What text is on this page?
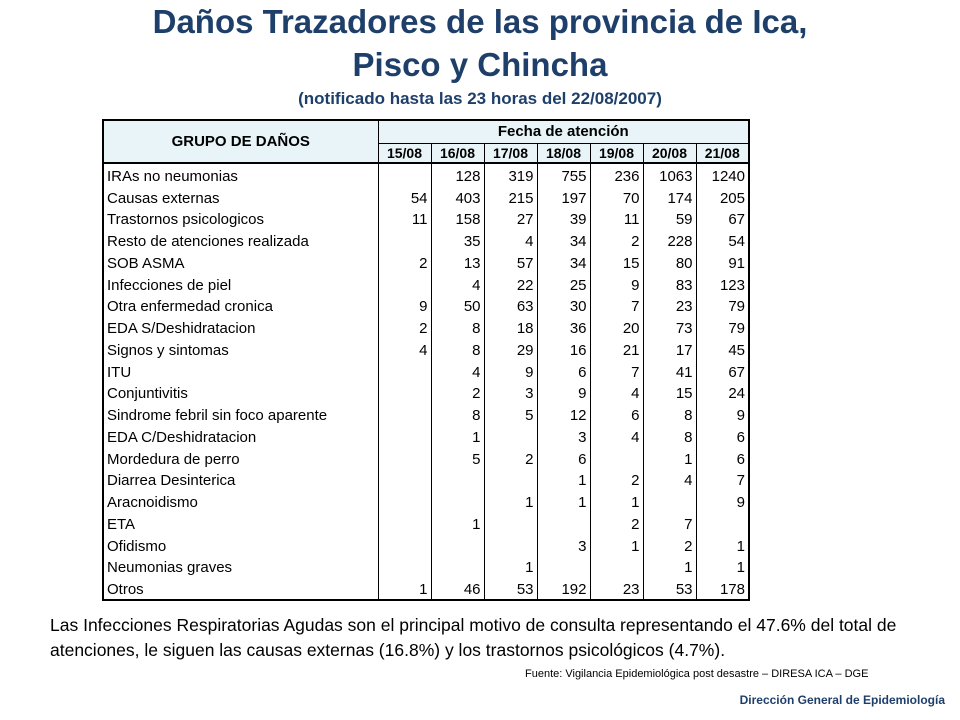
Daños Trazadores de las provincia de Ica,
Pisco y Chincha
(notificado hasta las 23 horas del 22/08/2007)
GRUPO DE DAÑOS	Fecha de atención						
	15/08	16/08	17/08	18/08	19/08	20/08	21/08
IRAs no neumonias		128	319	755	236	1063	1240
Causas externas	54	403	215	197	70	174	205
Trastornos psicologicos	11	158	27	39	11	59	67
Resto de atenciones realizada		35	4	34	2	228	54
SOB ASMA	2	13	57	34	15	80	91
Infecciones de piel		4	22	25	9	83	123
Otra enfermedad cronica	9	50	63	30	7	23	79
EDA S/Deshidratacion	2	8	18	36	20	73	79
Signos y sintomas	4	8	29	16	21	17	45
ITU		4	9	6	7	41	67
Conjuntivitis		2	3	9	4	15	24
Sindrome febril sin foco aparente		8	5	12	6	8	9
EDA C/Deshidratacion		1		3	4	8	6
Mordedura de perro		5	2	6		1	6
Diarrea Desinterica				1	2	4	7
Aracnoidismo			1	1	1		9
ETA		1			2	7	
Ofidismo				3	1	2	1
Neumonias graves			1			1	1
Otros	1	46	53	192	23	53	178
Las Infecciones Respiratorias Agudas son el principal motivo de consulta representando el 47.6% del total de atenciones, le siguen las causas externas (16.8%) y los trastornos psicológicos (4.7%).
Fuente: Vigilancia Epidemiológica post desastre – DIRESA ICA – DGE
Dirección General de Epidemiología
